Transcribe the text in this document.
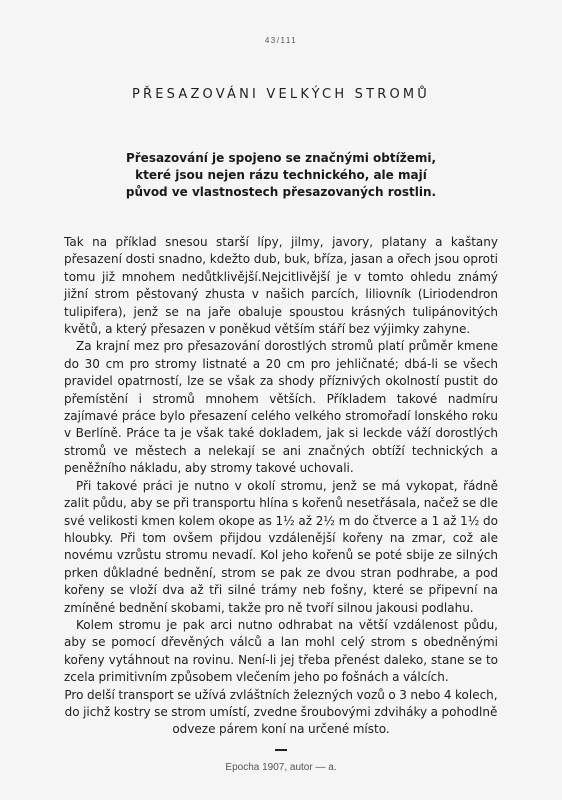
43/111

PŘESAZOVÁNI VELKÝCH STROMŮ

Přesazování je spojeno se značnými obtížemi, které jsou nejen rázu technického, ale mají původ ve vlastnostech přesazovaných rostlin.

Tak na příklad snesou starší lípy, jilmy, javory, platany a kaštany přesazení dosti snadno, kdežto dub, buk, bříza, jasan a ořech jsou oproti tomu již mnohem nedůtklivější.Nejcitlivější je v tomto ohledu známý jižní strom pěstovaný zhusta v našich parcích, liliovník (Liriodendron tulipifera), jenž se na jaře obaluje spoustou krásných tulipánovitých květů, a který přesazen v poněkud větším stáří bez výjimky zahyne.

Za krajní mez pro přesazování dorostlých stromů platí průměr kmene do 30 cm pro stromy listnaté a 20 cm pro jehličnaté; dbá-li se všech pravidel opatrností, lze se však za shody příznivých okolností pustit do přemístění i stromů mnohem větších. Příkladem takové nadmíru zajímavé práce bylo přesazení celého velkého stromořadí lonského roku v Berlíně. Práce ta je však také dokladem, jak si leckde váží dorostlých stromů ve městech a nelekají se ani značných obtíží technických a peněžního nákladu, aby stromy takové uchovali.

Při takové práci je nutno v okolí stromu, jenž se má vykopat, řádně zalit půdu, aby se při transportu hlína s kořenů nesetřásala, načež se dle své velikosti kmen kolem okope as 1½ až 2½ m do čtverce a 1 až 1½ do hloubky. Při tom ovšem přijdou vzdálenější kořeny na zmar, což ale novému vzrůstu stromu nevadí. Kol jeho kořenů se poté sbije ze silných prken důkladné bednění, strom se pak ze dvou stran podhrabe, a pod kořeny se vloží dva až tři silné trámy neb fošny, které se připevní na zmíněné bednění skobami, takže pro ně tvoří silnou jakousi podlahu.

Kolem stromu je pak arci nutno odhrabat na větší vzdálenost půdu, aby se pomocí dřevěných válců a lan mohl celý strom s obedněnými kořeny vytáhnout na rovinu. Není-li jej třeba přenést daleko, stane se to zcela primitivním způsobem vlečením jeho po fošnách a válcích.

Pro delší transport se užívá zvláštních železných vozů o 3 nebo 4 kolech, do jichž kostry se strom umístí, zvedne šroubovými zdviháky a pohodlně odveze párem koní na určené místo.

Epocha 1907, autor — a.
